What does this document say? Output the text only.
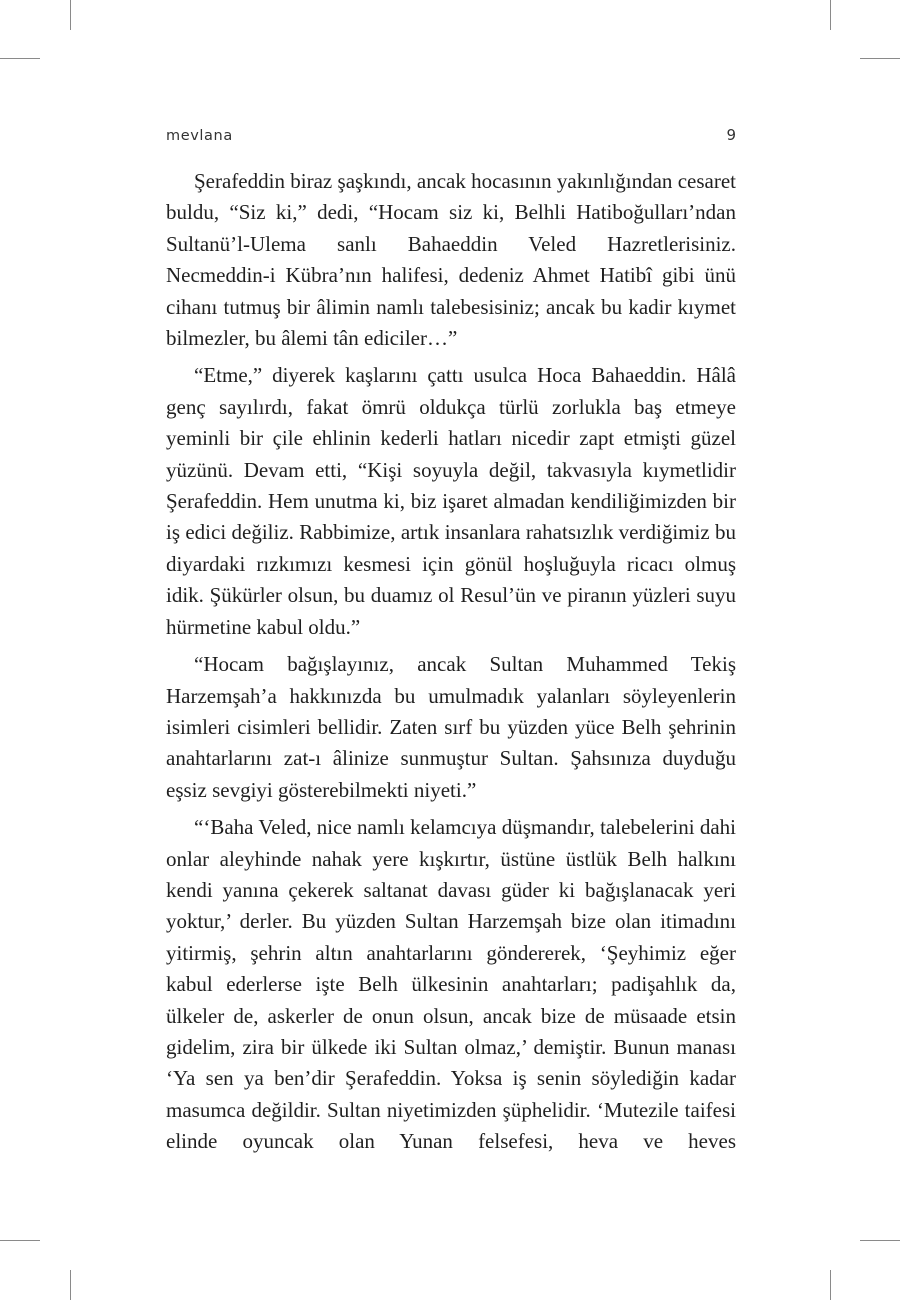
mevlana	9

Şerafeddin biraz şaşkındı, ancak hocasının yakınlığından cesaret buldu, “Siz ki,” dedi, “Hocam siz ki, Belhli Hatiboğulları’ndan Sultanü’l-Ulema sanlı Bahaeddin Veled Hazretlerisiniz. Necmeddin-i Kübra’nın halifesi, dedeniz Ahmet Hatibî gibi ünü cihanı tutmuş bir âlimin namlı talebesisiniz; ancak bu kadir kıymet bilmezler, bu âlemi tân ediciler…”

“Etme,” diyerek kaşlarını çattı usulca Hoca Bahaeddin. Hâlâ genç sayılırdı, fakat ömrü oldukça türlü zorlukla baş etmeye yeminli bir çile ehlinin kederli hatları nicedir zapt etmişti güzel yüzünü. Devam etti, “Kişi soyuyla değil, takvasıyla kıymetlidir Şerafeddin. Hem unutma ki, biz işaret almadan kendiliğimizden bir iş edici değiliz. Rabbimize, artık insanlara rahatsızlık verdiğimiz bu diyardaki rızkımızı kesmesi için gönül hoşluğuyla ricacı olmuş idik. Şükürler olsun, bu duamız ol Resul’ün ve piranın yüzleri suyu hürmetine kabul oldu.”

“Hocam bağışlayınız, ancak Sultan Muhammed Tekiş Harzemşah’a hakkınızda bu umulmadık yalanları söyleyenlerin isimleri cisimleri bellidir. Zaten sırf bu yüzden yüce Belh şehrinin anahtarlarını zat-ı âlinize sunmuştur Sultan. Şahsınıza duyduğu eşsiz sevgiyi gösterebilmekti niyeti.”

“‘Baha Veled, nice namlı kelamcıya düşmandır, talebelerini dahi onlar aleyhinde nahak yere kışkırtır, üstüne üstlük Belh halkını kendi yanına çekerek saltanat davası güder ki bağışlanacak yeri yoktur,’ derler. Bu yüzden Sultan Harzemşah bize olan itimadını yitirmiş, şehrin altın anahtarlarını göndererek, ‘Şeyhimiz eğer kabul ederlerse işte Belh ülkesinin anahtarları; padişahlık da, ülkeler de, askerler de onun olsun, ancak bize de müsaade etsin gidelim, zira bir ülkede iki Sultan olmaz,’ demiştir. Bunun manası ‘Ya sen ya ben’dir Şerafeddin. Yoksa iş senin söylediğin kadar masumca değildir. Sultan niyetimizden şüphelidir. ‘Mutezile taifesi elinde oyuncak olan Yunan felsefesi, heva ve heves
